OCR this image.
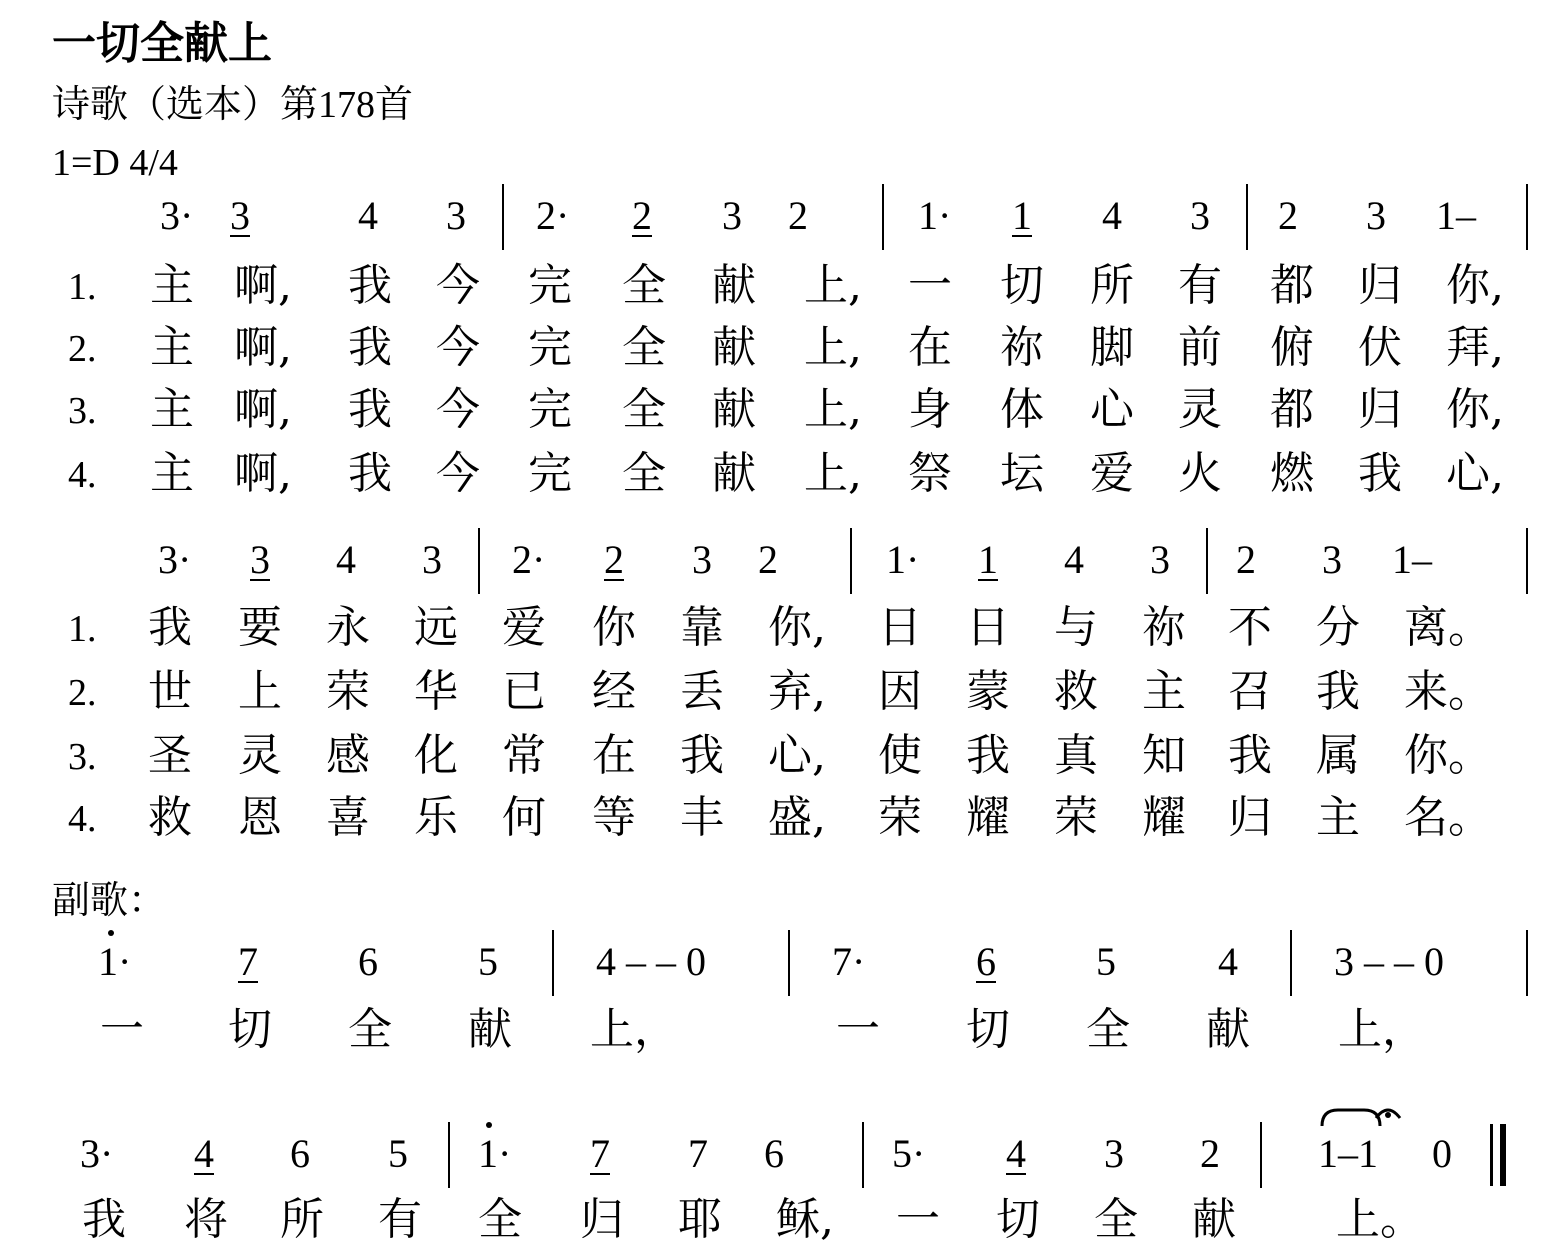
一切全献上
诗歌（选本）第178首
1=D 4/4
3· 3	4 3 2· 2 3 2	1· 1 4 3 2 3 1–
1. 主 啊, 我 今 完 全 献 上, 一 切 所 有 都 归 你,
2. 主 啊, 我 今 完 全 献 上, 在 祢 脚 前 俯 伏 拜,
3. 主 啊, 我 今 完 全 献 上, 身 体 心 灵 都 归 你,
4. 主 啊, 我 今 完 全 献 上, 祭 坛 爱 火 燃 我 心,
3· 3 4 3 2· 2 3 2	1· 1 4 3 2 3 1–
1. 我 要 永 远 爱 你 靠 你, 日 日 与 祢 不 分 离。
2. 世 上 荣 华 已 经 丢 弃, 因 蒙 救 主 召 我 来。
3. 圣 灵 感 化 常 在 我 心, 使 我 真 知 我 属 你。
4. 救 恩 喜 乐 何 等 丰 盛, 荣 耀 荣 耀 归 主 名。
副歌：
1·	7	6	5 4 – – 0	7·	6	5	4 3 – – 0
一 切 全 献 上，	一 切 全 献 上，
3· 4 6 5 1· 7 7 6	5· 4 3 2 1–1 0
我 将 所 有 全 归 耶 稣, 一 切 全 献 上。
